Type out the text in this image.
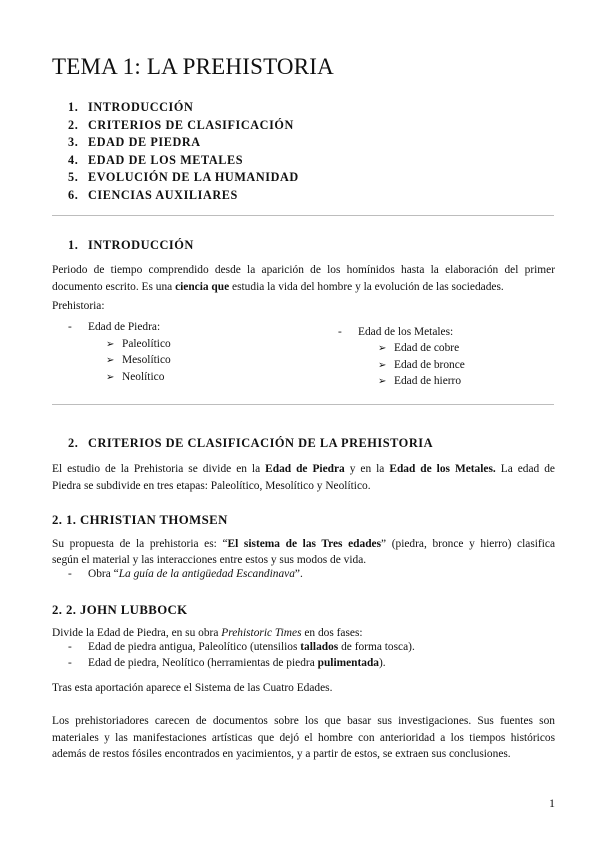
TEMA 1: LA PREHISTORIA
1. INTRODUCCIÓN
2. CRITERIOS DE CLASIFICACIÓN
3. EDAD DE PIEDRA
4. EDAD DE LOS METALES
5. EVOLUCIÓN DE LA HUMANIDAD
6. CIENCIAS AUXILIARES
1. INTRODUCCIÓN
Periodo de tiempo comprendido desde la aparición de los homínidos hasta la elaboración del primer
documento escrito. Es una ciencia que estudia la vida del hombre y la evolución de las sociedades.
Prehistoria:
- Edad de Piedra:
➢ Paleolítico
➢ Mesolítico
➢ Neolítico
- Edad de los Metales:
➢ Edad de cobre
➢ Edad de bronce
➢ Edad de hierro
2. CRITERIOS DE CLASIFICACIÓN DE LA PREHISTORIA
El estudio de la Prehistoria se divide en la Edad de Piedra y en la Edad de los Metales. La edad de
Piedra se subdivide en tres etapas: Paleolítico, Mesolítico y Neolítico.
2. 1. CHRISTIAN THOMSEN
Su propuesta de la prehistoria es: “El sistema de las Tres edades” (piedra, bronce y hierro) clasifica
según el material y las interacciones entre estos y sus modos de vida.
- Obra “La guía de la antigüedad Escandinava”.
2. 2. JOHN LUBBOCK
Divide la Edad de Piedra, en su obra Prehistoric Times en dos fases:
- Edad de piedra antigua, Paleolítico (utensilios tallados de forma tosca).
- Edad de piedra, Neolítico (herramientas de piedra pulimentada).
Tras esta aportación aparece el Sistema de las Cuatro Edades.
Los prehistoriadores carecen de documentos sobre los que basar sus investigaciones. Sus fuentes son
materiales y las manifestaciones artísticas que dejó el hombre con anterioridad a los tiempos históricos
además de restos fósiles encontrados en yacimientos, y a partir de estos, se extraen sus conclusiones.
1
